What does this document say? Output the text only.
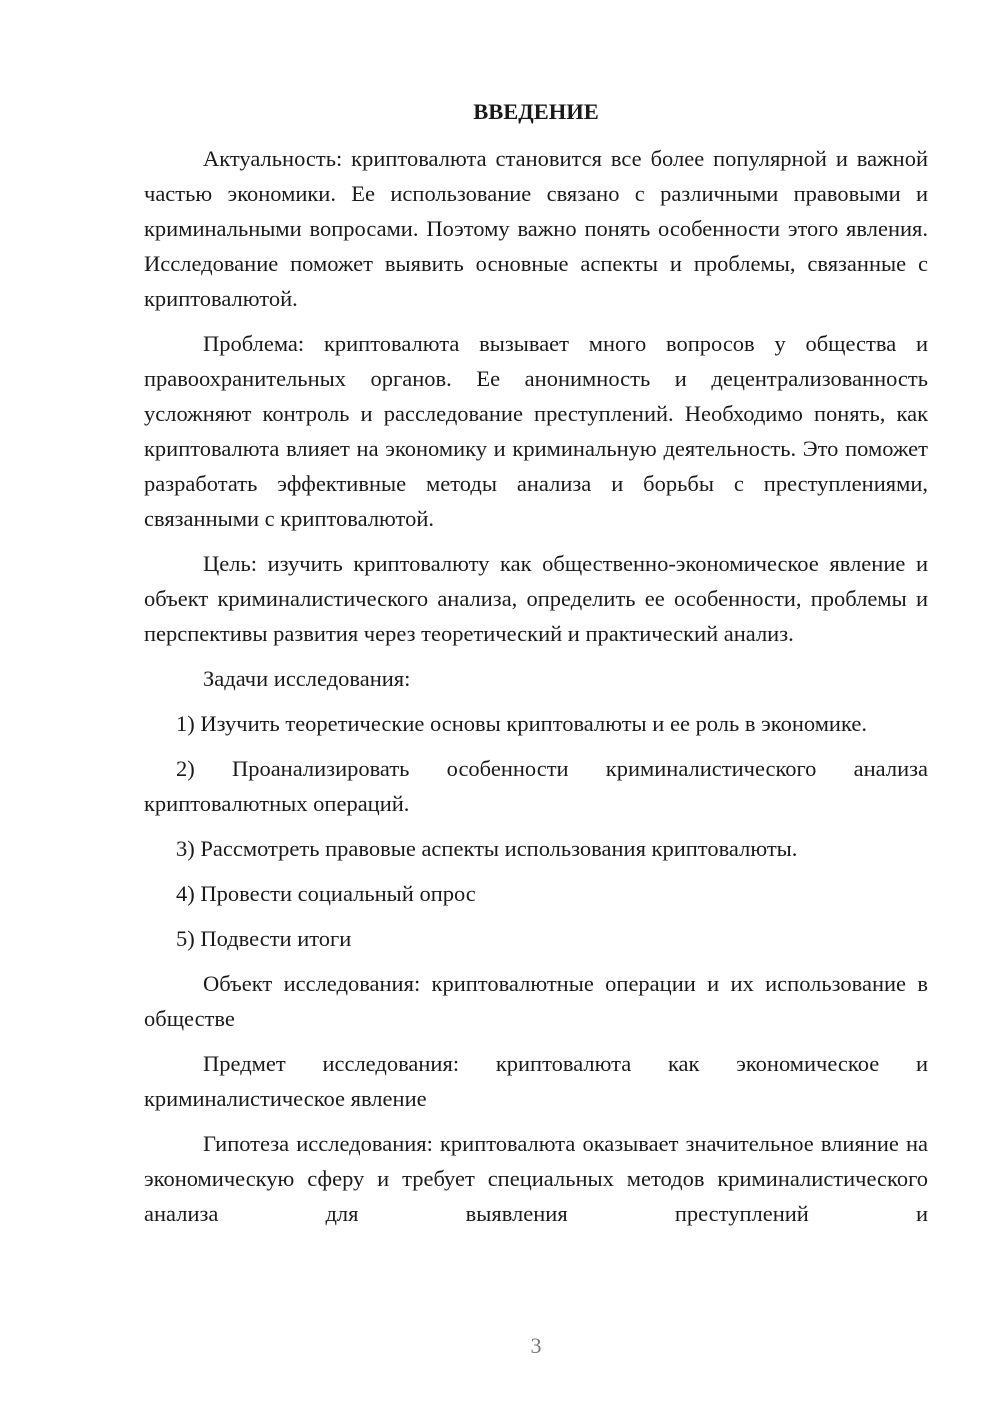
ВВЕДЕНИЕ

Актуальность: криптовалюта становится все более популярной и важной частью экономики. Ее использование связано с различными правовыми и криминальными вопросами. Поэтому важно понять особенности этого явления. Исследование поможет выявить основные аспекты и проблемы, связанные с криптовалютой.

Проблема: криптовалюта вызывает много вопросов у общества и правоохранительных органов. Ее анонимность и децентрализованность усложняют контроль и расследование преступлений. Необходимо понять, как криптовалюта влияет на экономику и криминальную деятельность. Это поможет разработать эффективные методы анализа и борьбы с преступлениями, связанными с криптовалютой.

Цель: изучить криптовалюту как общественно-экономическое явление и объект криминалистического анализа, определить ее особенности, проблемы и перспективы развития через теоретический и практический анализ.

Задачи исследования:

1) Изучить теоретические основы криптовалюты и ее роль в экономике.

2) Проанализировать особенности криминалистического анализа криптовалютных операций.

3) Рассмотреть правовые аспекты использования криптовалюты.

4) Провести социальный опрос

5) Подвести итоги

Объект исследования: криптовалютные операции и их использование в обществе

Предмет исследования: криптовалюта как экономическое и криминалистическое явление

Гипотеза исследования: криптовалюта оказывает значительное влияние на экономическую сферу и требует специальных методов криминалистического анализа для выявления преступлений и

3
